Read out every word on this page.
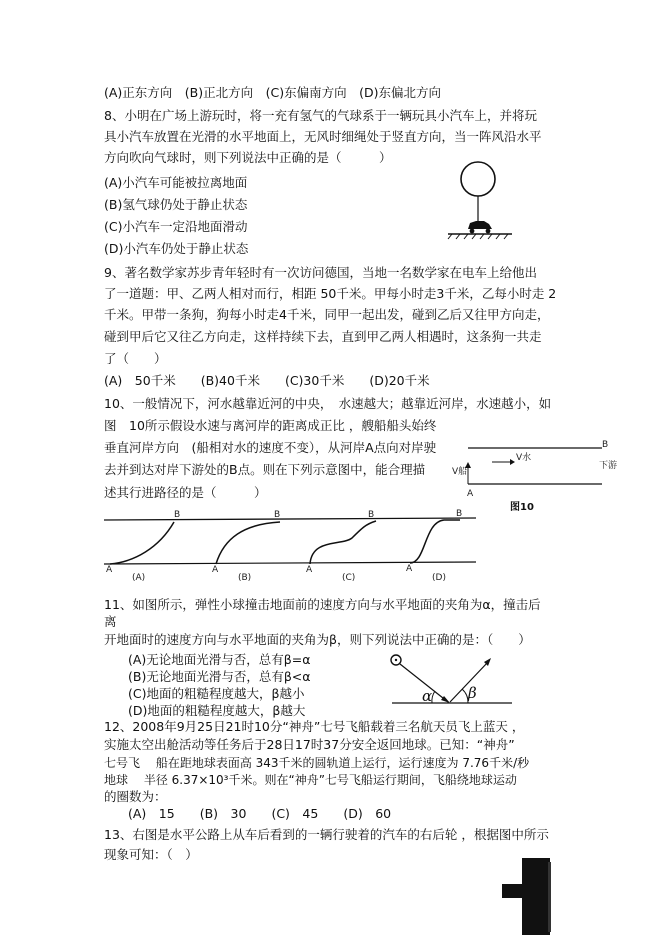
(A)正东方向　(B)正北方向　(C)东偏南方向　(D)东偏北方向
8、小明在广场上游玩时，将一充有氢气的气球系于一辆玩具小汽车上，并将玩
具小汽车放置在光滑的水平地面上，无风时细绳处于竖直方向，当一阵风沿水平
方向吹向气球时，则下列说法中正确的是（　　　）
(A)小汽车可能被拉离地面
(B)氢气球仍处于静止状态
(C)小汽车一定沿地面滑动
(D)小汽车仍处于静止状态
9、著名数学家苏步青年轻时有一次访问德国，当地一名数学家在电车上给他出
了一道题：甲、乙两人相对而行，相距 50千米。甲每小时走3千米，乙每小时走 2
千米。甲带一条狗，狗每小时走4千米，同甲一起出发，碰到乙后又往甲方向走，
碰到甲后它又往乙方向走，这样持续下去，直到甲乙两人相遇时，这条狗一共走
了（　　）
(A)　50千米　　(B)40千米　　(C)30千米　　(D)20千米
10、一般情况下，河水越靠近河的中央，　水速越大；越靠近河岸，水速越小，如
图　10所示假设水速与离河岸的距离成正比 ，艘船船头始终
垂直河岸方向　(船相对水的速度不变），从河岸A点向对岸驶
去并到达对岸下游处的B点。则在下列示意图中，能合理描
述其行进路径的是（　　　）
B
V水
下游
V船
A
图10
B
A
(A)
B
A
(B)
B
A
(C)
B
A
(D)
11、如图所示，弹性小球撞击地面前的速度方向与水平地面的夹角为α，撞击后
离
开地面时的速度方向与水平地面的夹角为β，则下列说法中正确的是：（　　）
(A)无论地面光滑与否，总有β=α
(B)无论地面光滑与否，总有β<α
(C)地面的粗糙程度越大，β越小
(D)地面的粗糙程度越大，β越大
α β
12、2008年9月25日21时10分“神舟”七号飞船载着三名航天员飞上蓝天 ，
实施太空出舱活动等任务后于28日17时37分安全返回地球。已知：“神舟”
七号飞　 船在距地球表面高 343千米的圆轨道上运行，运行速度为 7.76千米/秒
地球　 半径 6.37×10³千米。则在“神舟”七号飞船运行期间，飞船绕地球运动
的圈数为：
(A)　15　　(B)　30　　(C)　45　　(D)　60
13、右图是水平公路上从车后看到的一辆行驶着的汽车的右后轮 ，根据图中所示
现象可知：（　）
